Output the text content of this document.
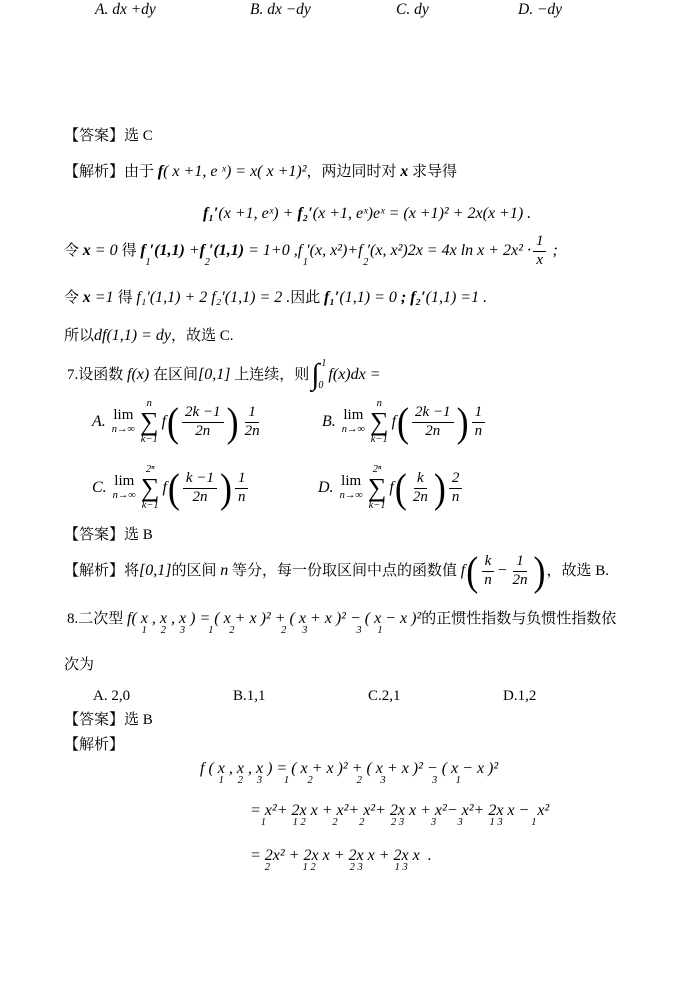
A. dx +dy	B. dx −dy	C. dy	D. −dy
【答案】选 C
【解析】由于 f( x +1, e ˣ) = x( x +1)²，两边同时对 x 求导得
f₁′(x +1, eˣ) + f₂′(x +1, eˣ)eˣ = (x +1)² + 2x(x +1) .
令 x = 0 得 f ′(1,1)
1
+ f ′(1,1)
2
= 1+0 , f ′(x, x²)
1
+ f ′(x, x²)
2
2x = 4x $\ln x + 2x^2 \cdot \frac{1}{x}$ ;
令 x =1 得 f₁′(1,1) + 2 f₂′(1,1) = 2 .因此 f₁′(1,1) = 0 ; f₂′(1,1) =1 .
所以df(1,1) = dy，故选 C.
7. 设函数 f(x) 在区间 [0,1] 上连续，则 ∫ 1
0
f(x)dx =
A. lim
n→∞
n
∑
k−1
f ( $\frac{2k -1}{2n}$ ) $\frac{1}{2n}$	B. lim
n→∞
n
∑
k−1
f ( $\frac{2k -1}{2n}$ ) $\frac{1}{n}$
C. lim
n→∞
2ⁿ
∑
k−1
f ( $\frac{k -1}{2n}$ ) $\frac{1}{n}$	D. lim
n→∞
2ⁿ
∑
k−1
f ( $\frac{k}{2n}$ ) $\frac{2}{n}$
【答案】选 B
【解析】将 [0,1] 的区间 n 等分，每一份取区间中点的函数值 f ( $\frac{k}{n} - \frac{1}{2n}$ ) ，故选 B.
8.二次型 f( x
1
, x
2
, x
3
) = ( x + x
1      2
)² + ( x + x
2      3
)² − ( x − x
3      1
)²的正惯性指数与负惯性指数依
次为
A. 2,0	B.1,1	C.2,1	D.1,2
【答案】选 B
【解析】
f ( x
1
, x
2
, x
3
) = ( x + x
1       2
)² + ( x + x
2       3
)² − ( x − x
3       1
)²
= x²
1
+ 2x x
1 2
+ x²
2
+ x²
2
+ 2x x
2 3
+ x²
3
− x²
3
+ 2x x
1 3
−  x²
1
= 2x²
2
+ 2x x
1 2
+ 2x x
2 3
+ 2x x
1 3
.
